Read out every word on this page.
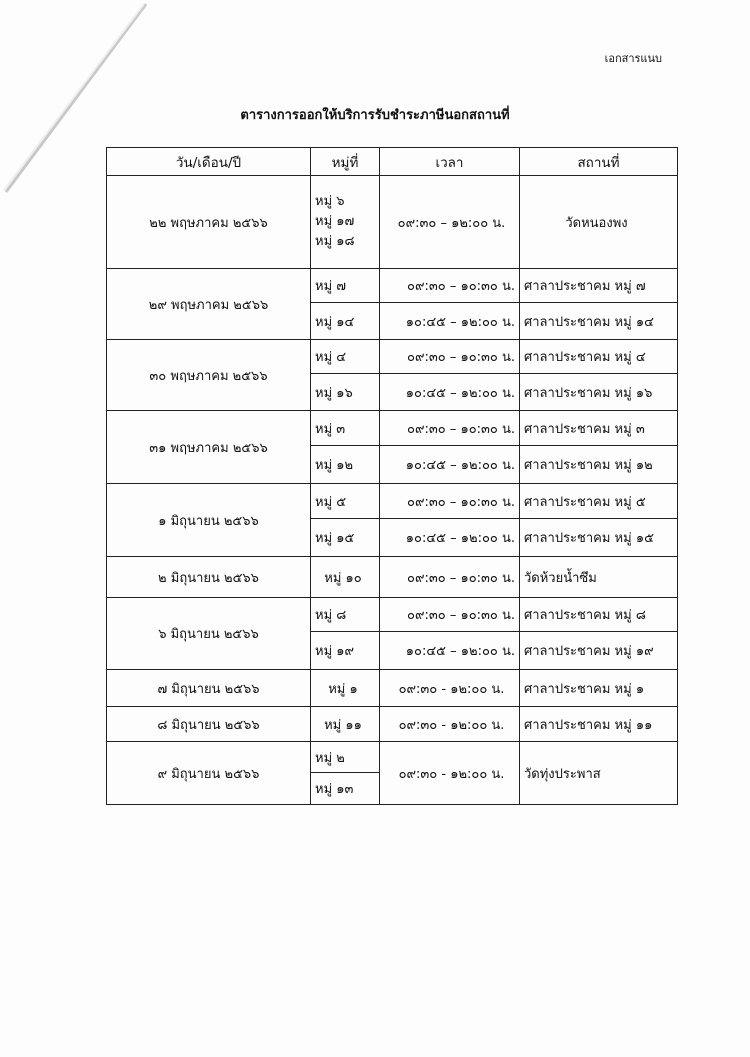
เอกสารแนบ
ตารางการออกให้บริการรับชำระภาษีนอกสถานที่
วัน/เดือน/ปี	หมู่ที่	เวลา	สถานที่
๒๒ พฤษภาคม ๒๕๖๖	หมู่ ๖
หมู่ ๑๗
หมู่ ๑๘	๐๙:๓๐ – ๑๒:๐๐ น.	วัดหนองพง
๒๙ พฤษภาคม ๒๕๖๖	หมู่ ๗	๐๙:๓๐ – ๑๐:๓๐ น.	ศาลาประชาคม หมู่ ๗
	หมู่ ๑๔	๑๐:๔๕ – ๑๒:๐๐ น.	ศาลาประชาคม หมู่ ๑๔
๓๐ พฤษภาคม ๒๕๖๖	หมู่ ๔	๐๙:๓๐ – ๑๐:๓๐ น.	ศาลาประชาคม หมู่ ๔
	หมู่ ๑๖	๑๐:๔๕ – ๑๒:๐๐ น.	ศาลาประชาคม หมู่ ๑๖
๓๑ พฤษภาคม ๒๕๖๖	หมู่ ๓	๐๙:๓๐ – ๑๐:๓๐ น.	ศาลาประชาคม หมู่ ๓
	หมู่ ๑๒	๑๐:๔๕ – ๑๒:๐๐ น.	ศาลาประชาคม หมู่ ๑๒
๑ มิถุนายน ๒๕๖๖	หมู่ ๕	๐๙:๓๐ – ๑๐:๓๐ น.	ศาลาประชาคม หมู่ ๕
	หมู่ ๑๕	๑๐:๔๕ – ๑๒:๐๐ น.	ศาลาประชาคม หมู่ ๑๕
๒ มิถุนายน ๒๕๖๖	หมู่ ๑๐	๐๙:๓๐ – ๑๐:๓๐ น.	วัดห้วยน้ำซึม
๖ มิถุนายน ๒๕๖๖	หมู่ ๘	๐๙:๓๐ – ๑๐:๓๐ น.	ศาลาประชาคม หมู่ ๘
	หมู่ ๑๙	๑๐:๔๕ – ๑๒:๐๐ น.	ศาลาประชาคม หมู่ ๑๙
๗ มิถุนายน ๒๕๖๖	หมู่ ๑	๐๙:๓๐ - ๑๒:๐๐ น.	ศาลาประชาคม หมู่ ๑
๘ มิถุนายน ๒๕๖๖	หมู่ ๑๑	๐๙:๓๐ - ๑๒:๐๐ น.	ศาลาประชาคม หมู่ ๑๑
๙ มิถุนายน ๒๕๖๖	หมู่ ๒	๐๙:๓๐ - ๑๒:๐๐ น.	วัดทุ่งประพาส
	หมู่ ๑๓		
